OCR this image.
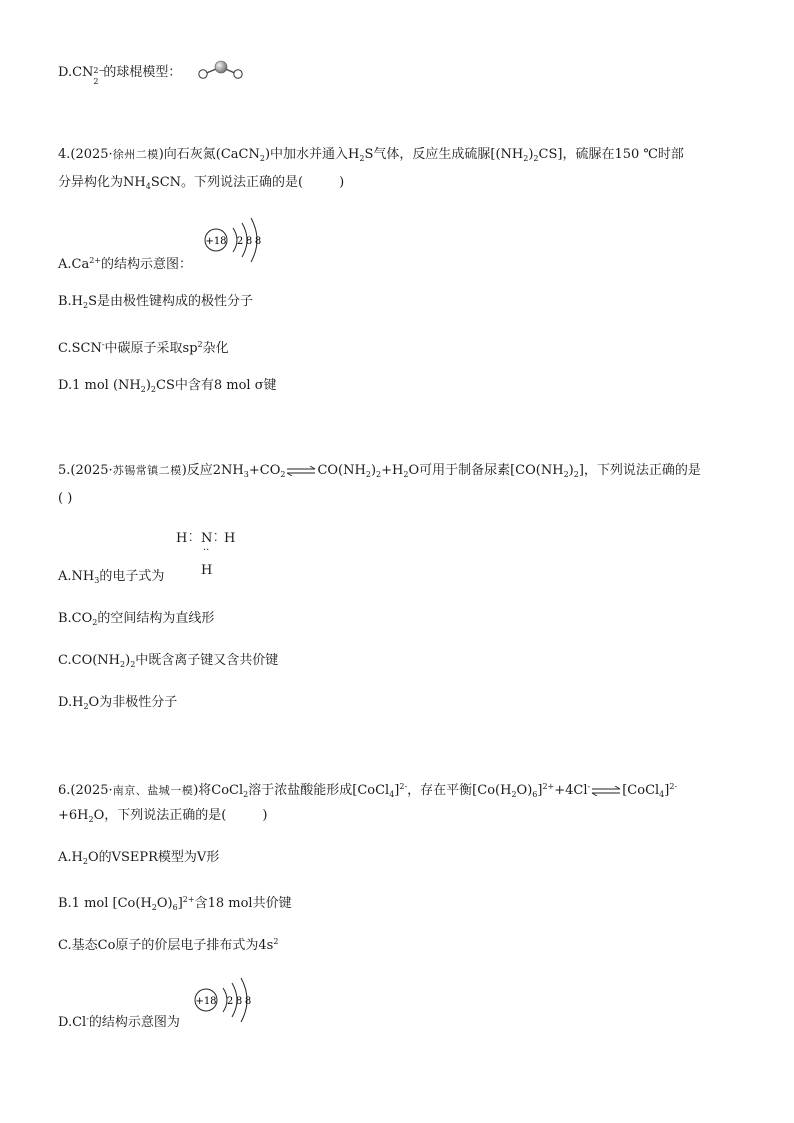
D.CN 2−
2
的球棍模型：
4.(2025·徐州二模)向石灰氮(CaCN$_2$)中加水并通入$H_2S$气体，反应生成硫脲$[(NH_2)_2CS]$，硫脲在150 ℃时部
分异构化为$NH_4SCN$。下列说法正确的是(	)
$A.Ca^{2+}$的结构示意图：
+18 2 8 8
$B.H_2S$是由极性键构成的极性分子
C.SCN-中碳原子采取$sp^2$杂化
D.1 mol $(NH_2)_2CS$中含有8 mol σ键
5.(2025·苏锡常镇二模)反应$2NH_3+CO_2\rightleftharpoons CO(NH_2)_2+H_2O$可用于制备尿素$[CO(NH_2)_2]$，下列说法正确的是
( )
H ⁚ N
··
⁚ H
H
$A.NH_3$的电子式为
$B.CO_2$的空间结构为直线形
$C.CO(NH_2)_2$中既含离子键又含共价键
$D.H_2O$为非极性分子
6.(2025·南京、盐城一模)将CoCl$_2$溶于浓盐酸能形成[CoCl$_4$]$^{2-}$，存在平衡$[Co(H_2O)_6]^{2+}+4Cl^-\rightleftharpoons[CoCl_4]^{2-}$
$+6H_2O$，下列说法正确的是(	)
$A.H_2O$的VSEPR模型为V形
B.1 mol $[Co(H_2O)_6]^{2+}$含18 mol共价键
C.基态Co原子的价层电子排布式为$4s^2$
+18 2 8 8
D.Cl-的结构示意图为
